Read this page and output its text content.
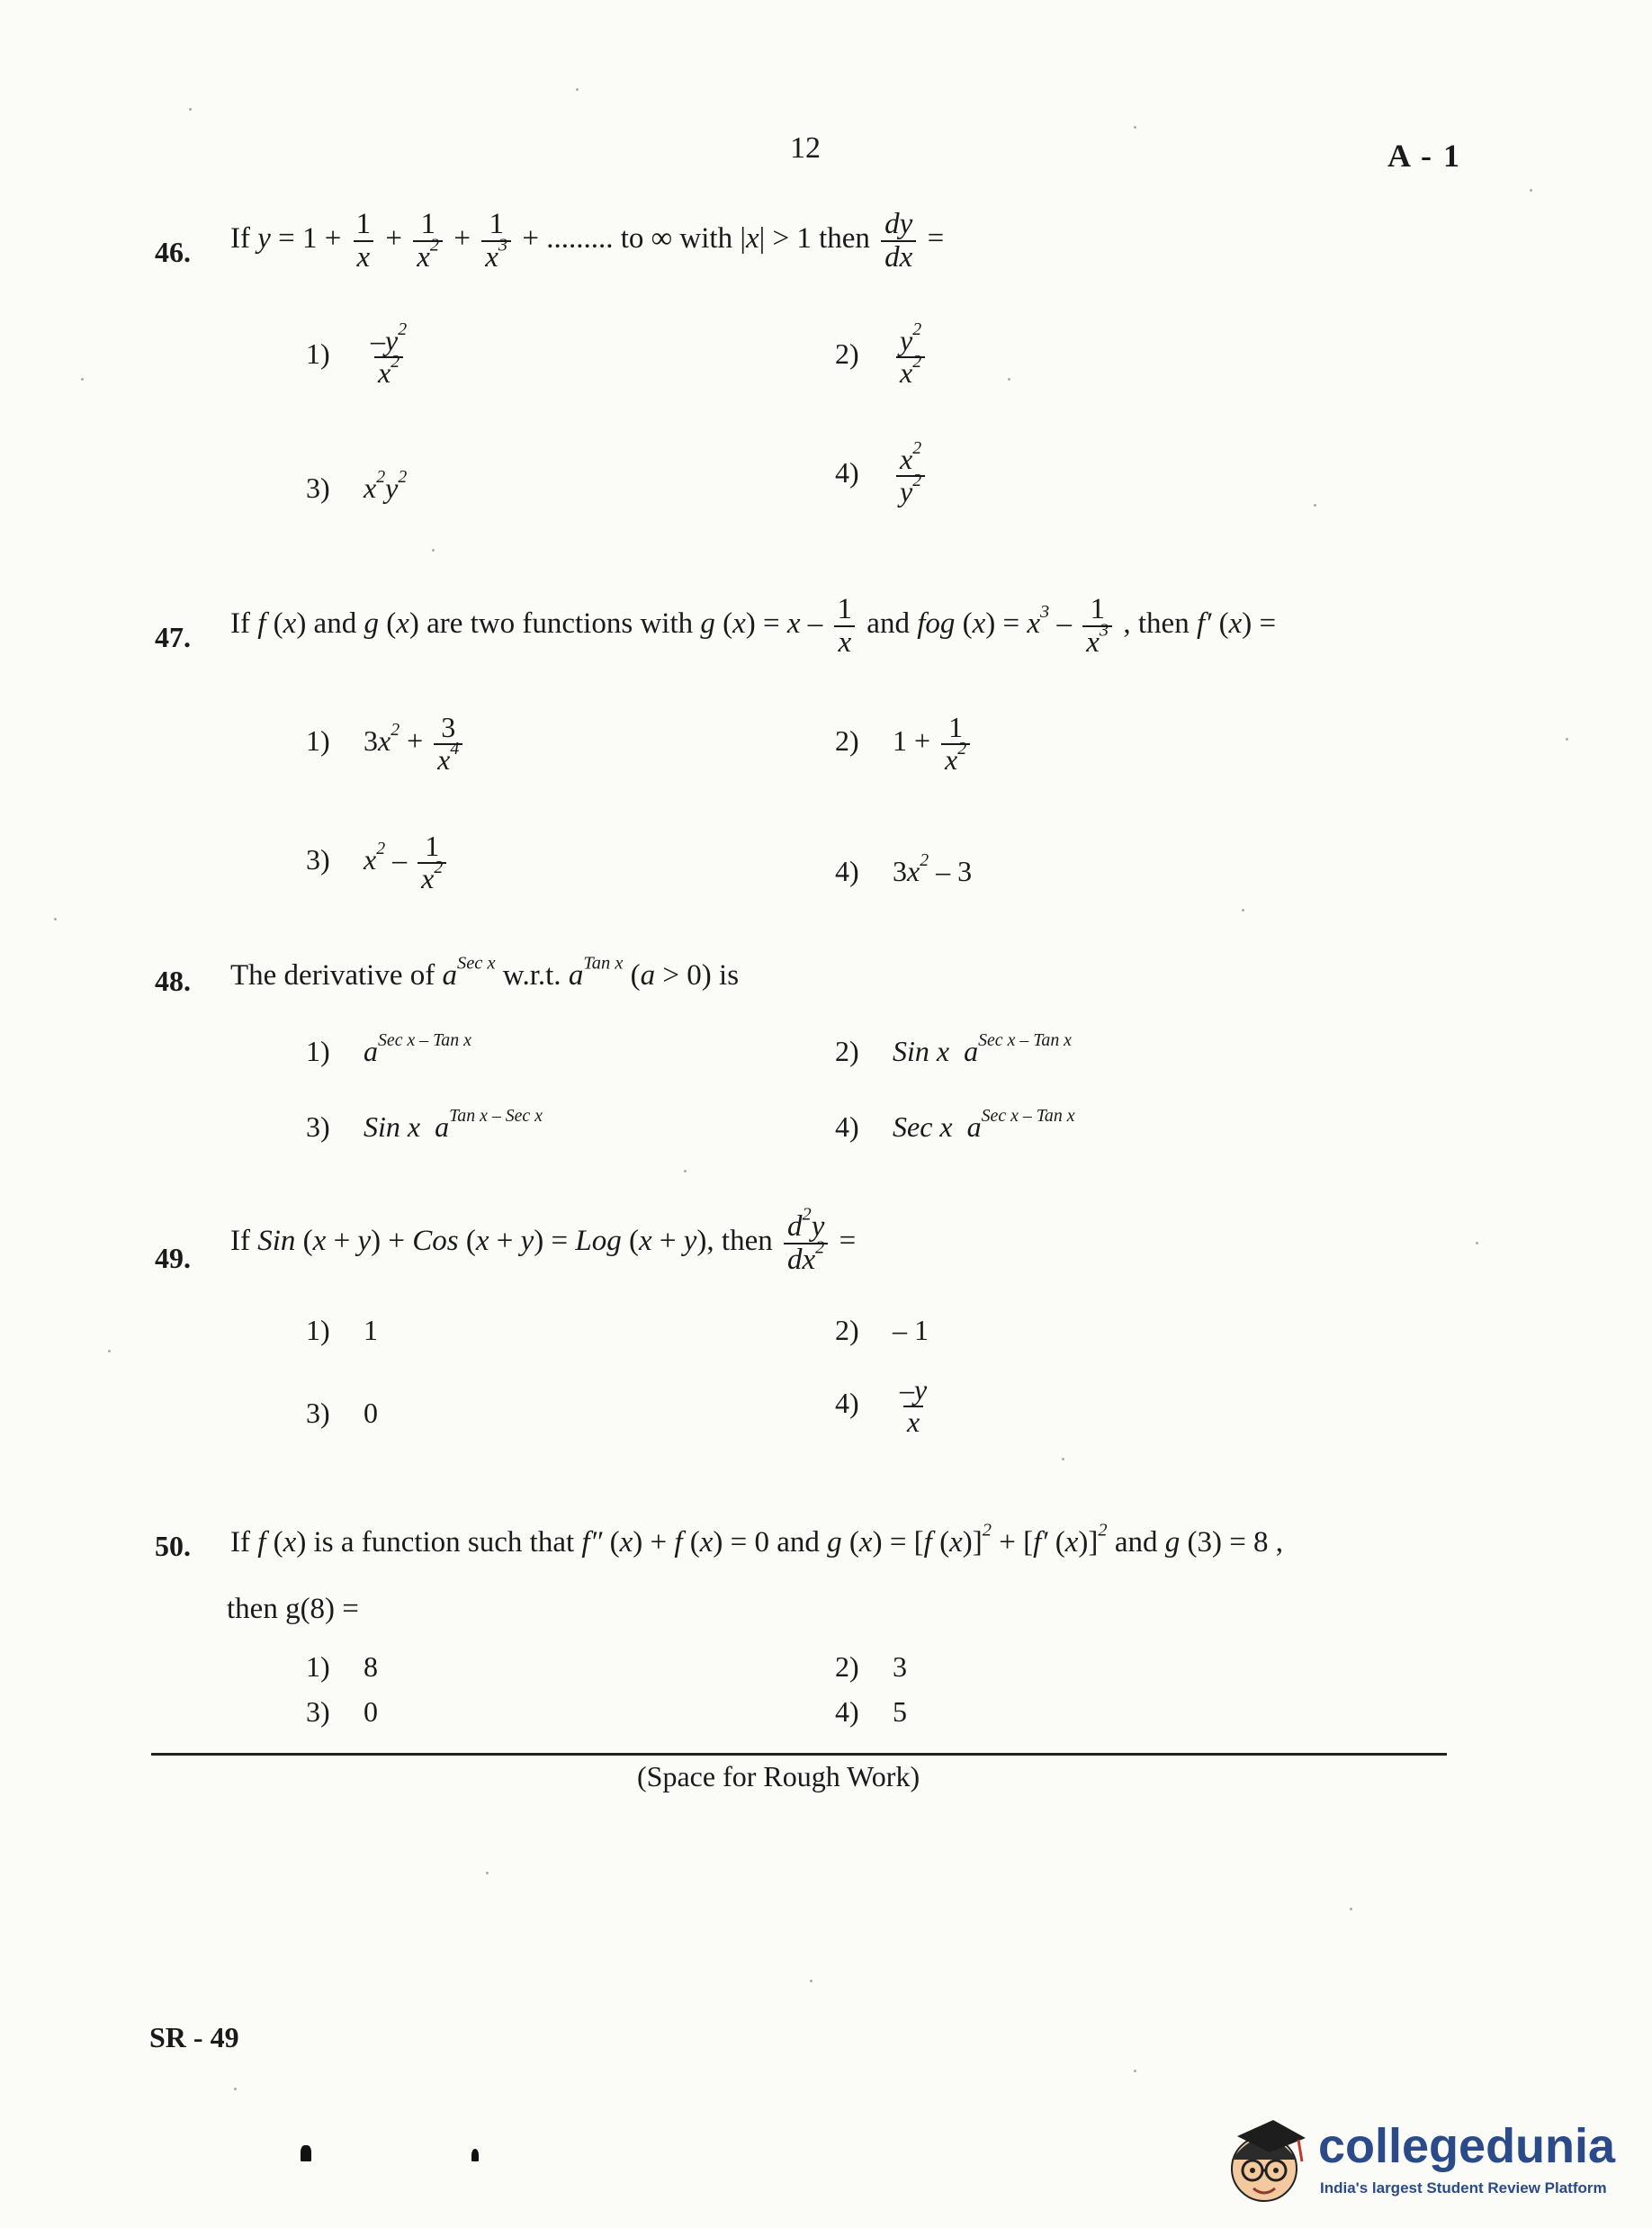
12	A - 1
46. If $y = 1 + \frac{1}{x} + \frac{1}{x^2} + \frac{1}{x^3}$ + ......... to ∞ with |x| > 1 then $\frac{dy}{dx}$ =
$1) \frac{-y^2}{x^2}$	$2) \frac{y^2}{x^2}$
3) $x^2y^2$	$4) \frac{x^2}{y^2}$
47. If f (x) and g (x) are two functions with g $(x) = x - \frac{1}{x}$ and fog $(x) = x^3 - \frac{1}{x^3}$ , then f′ (x) =
1) $3x^2 + \frac{3}{x^4}$	2) $1 + \frac{1}{x^2}$
3) $x^2 - \frac{1}{x^2}$	4) $3x^2 - 3$
48. The derivative of $a^{Sec x}$ w.r.t. $a^{Tan x}$ (a > 0) is
1) $a^{Sec x - Tan x}$	2) Sin x $a^{Sec x - Tan x}$
3) Sin x $a^{Tan x - Sec x}$	4) Sec x $a^{Sec x - Tan x}$
49.
If Sin (x + y) + Cos (x + y) = Log (x + y), then $\frac{d^2y}{dx^2}$ =
1) 1	2) – 1
3) 0	$4) \frac{-y}{x}$
50. If f (x) is a function such that f″ (x) + f (x) = 0 and g (x) = [f (x)]$^2$ + [f′ (x)]$^2$ and g (3) = 8 ,
then g(8) =
1) 8	2) 3
3) 0	4) 5
(Space for Rough Work)
SR - 49
collegedunia
India's largest Student Review Platform
